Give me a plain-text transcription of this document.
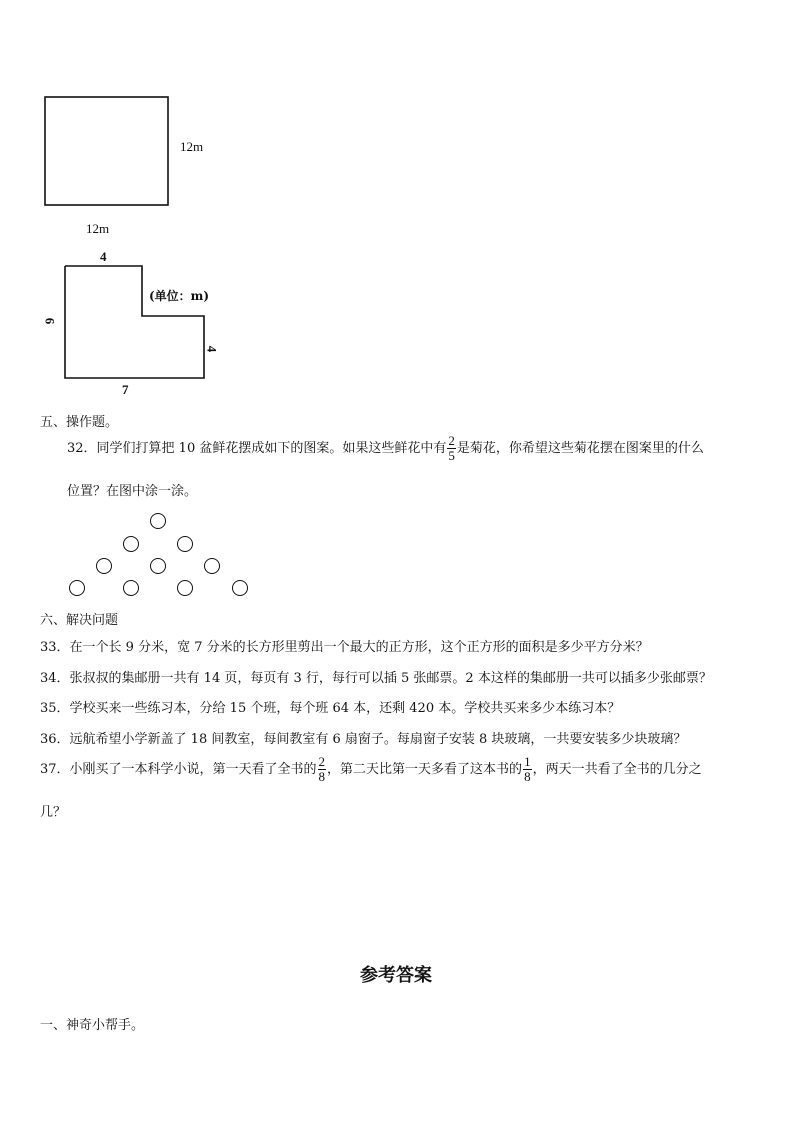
12m
12m
4
6
4
7
(单位：m)
五、操作题。
32．同学们打算把 10 盆鲜花摆成如下的图案。如果这些鲜花中有 $\frac{2}{5}$ 是菊花，你希望这些菊花摆在图案里的什么
位置？在图中涂一涂。
六、解决问题
33．在一个长 9 分米，宽 7 分米的长方形里剪出一个最大的正方形，这个正方形的面积是多少平方分米？
34．张叔叔的集邮册一共有 14 页，每页有 3 行，每行可以插 5 张邮票。2 本这样的集邮册一共可以插多少张邮票？
35．学校买来一些练习本，分给 15 个班，每个班 64 本，还剩 420 本。学校共买来多少本练习本？
36．远航希望小学新盖了 18 间教室，每间教室有 6 扇窗子。每扇窗子安装 8 块玻璃，一共要安装多少块玻璃？
37．小刚买了一本科学小说，第一天看了全书的 $\frac{2}{8}$ ，第二天比第一天多看了这本书的 $\frac{1}{8}$ ，两天一共看了全书的几分之
几？
参考答案
一、神奇小帮手。
